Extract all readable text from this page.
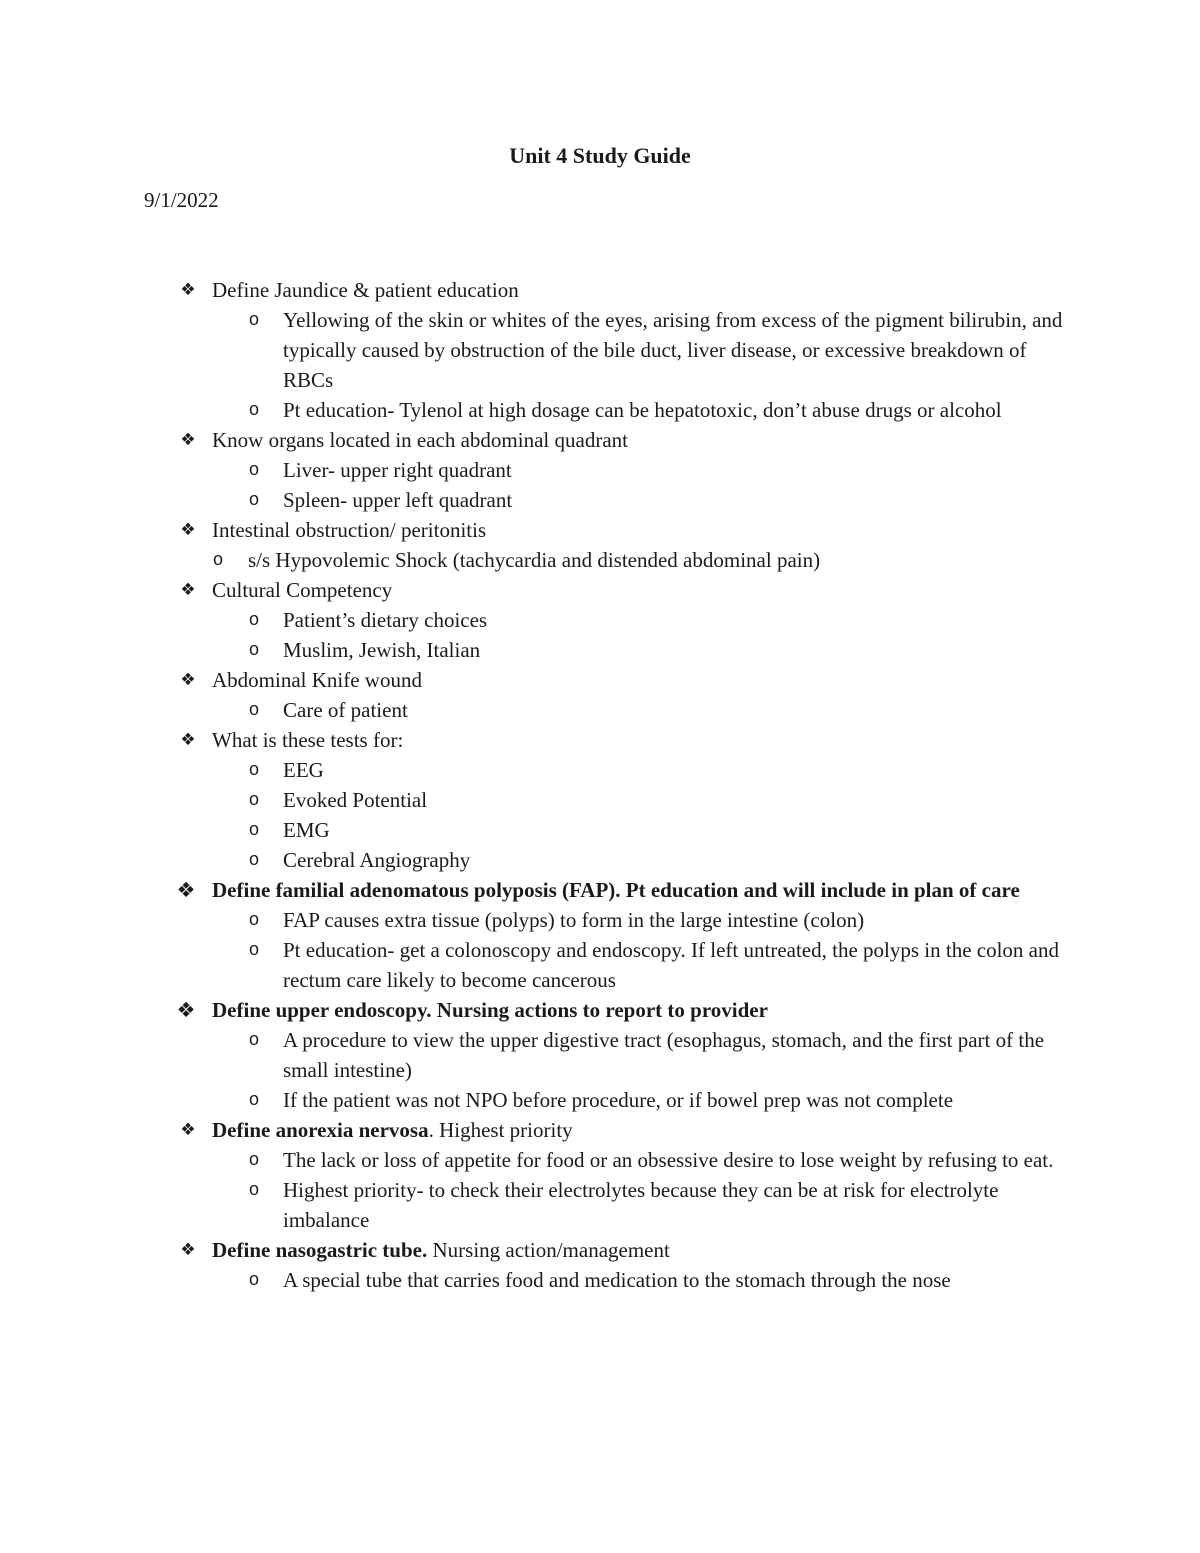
Unit 4 Study Guide
9/1/2022
❖ Define Jaundice & patient education
o Yellowing of the skin or whites of the eyes, arising from excess of the pigment bilirubin, and typically caused by obstruction of the bile duct, liver disease, or excessive breakdown of RBCs
o Pt education- Tylenol at high dosage can be hepatotoxic, don’t abuse drugs or alcohol
❖ Know organs located in each abdominal quadrant
o Liver- upper right quadrant
o Spleen- upper left quadrant
❖ Intestinal obstruction/ peritonitis
o s/s Hypovolemic Shock (tachycardia and distended abdominal pain)
❖ Cultural Competency
o Patient’s dietary choices
o Muslim, Jewish, Italian
❖ Abdominal Knife wound
o Care of patient
❖ What is these tests for:
o EEG
o Evoked Potential
o EMG
o Cerebral Angiography
❖ Define familial adenomatous polyposis (FAP). Pt education and will include in plan of care
o FAP causes extra tissue (polyps) to form in the large intestine (colon)
o Pt education- get a colonoscopy and endoscopy. If left untreated, the polyps in the colon and rectum care likely to become cancerous
❖ Define upper endoscopy. Nursing actions to report to provider
o A procedure to view the upper digestive tract (esophagus, stomach, and the first part of the small intestine)
o If the patient was not NPO before procedure, or if bowel prep was not complete
❖ Define anorexia nervosa. Highest priority
o The lack or loss of appetite for food or an obsessive desire to lose weight by refusing to eat.
o Highest priority- to check their electrolytes because they can be at risk for electrolyte imbalance
❖ Define nasogastric tube. Nursing action/management
o A special tube that carries food and medication to the stomach through the nose
